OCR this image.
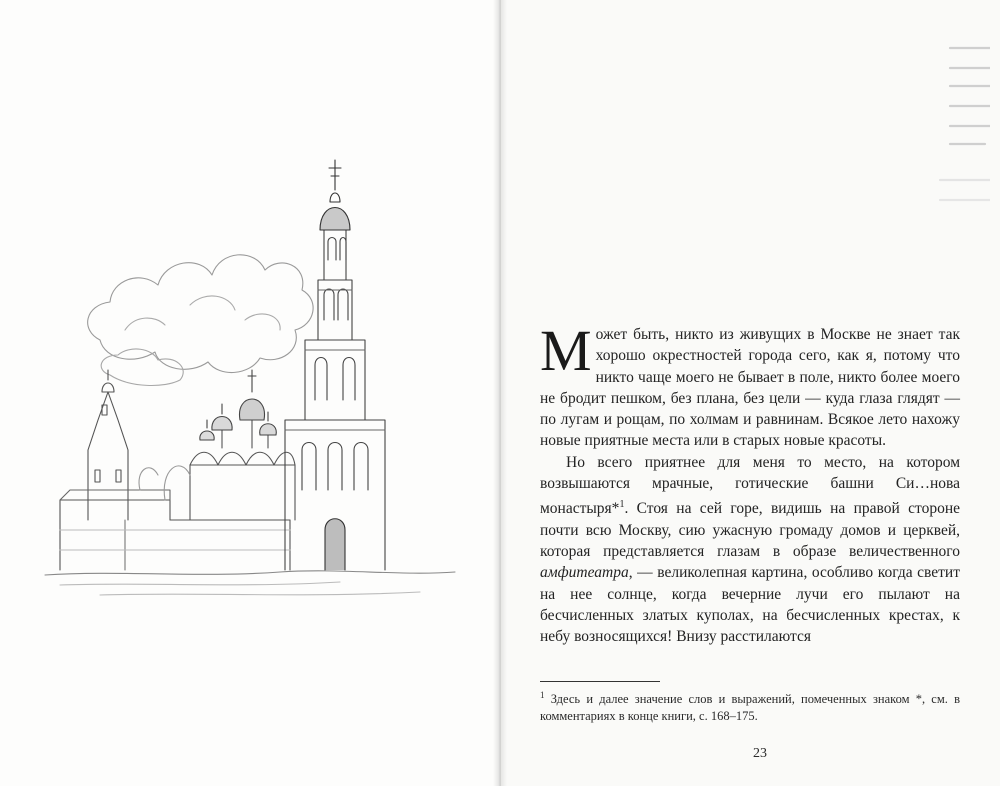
Может быть, никто из живущих в Москве не знает так хорошо окрестностей города сего, как я, потому что никто чаще моего не бывает в поле, никто более моего не бродит пешком, без плана, без цели — куда глаза глядят — по лугам и рощам, по холмам и равнинам. Всякое лето нахожу новые приятные места или в старых новые красоты.

Но всего приятнее для меня то место, на котором возвышаются мрачные, готические башни Си…нова монастыря*$^1$. Стоя на сей горе, видишь на правой стороне почти всю Москву, сию ужасную громаду домов и церквей, которая представляется глазам в образе величественного амфитеатра, — великолепная картина, особливо когда светит на нее солнце, когда вечерние лучи его пылают на бесчисленных златых куполах, на бесчисленных крестах, к небу возносящихся! Внизу расстилаются

$^1$ Здесь и далее значение слов и выражений, помеченных знаком *, см. в комментариях в конце книги, с. 168–175.
23
